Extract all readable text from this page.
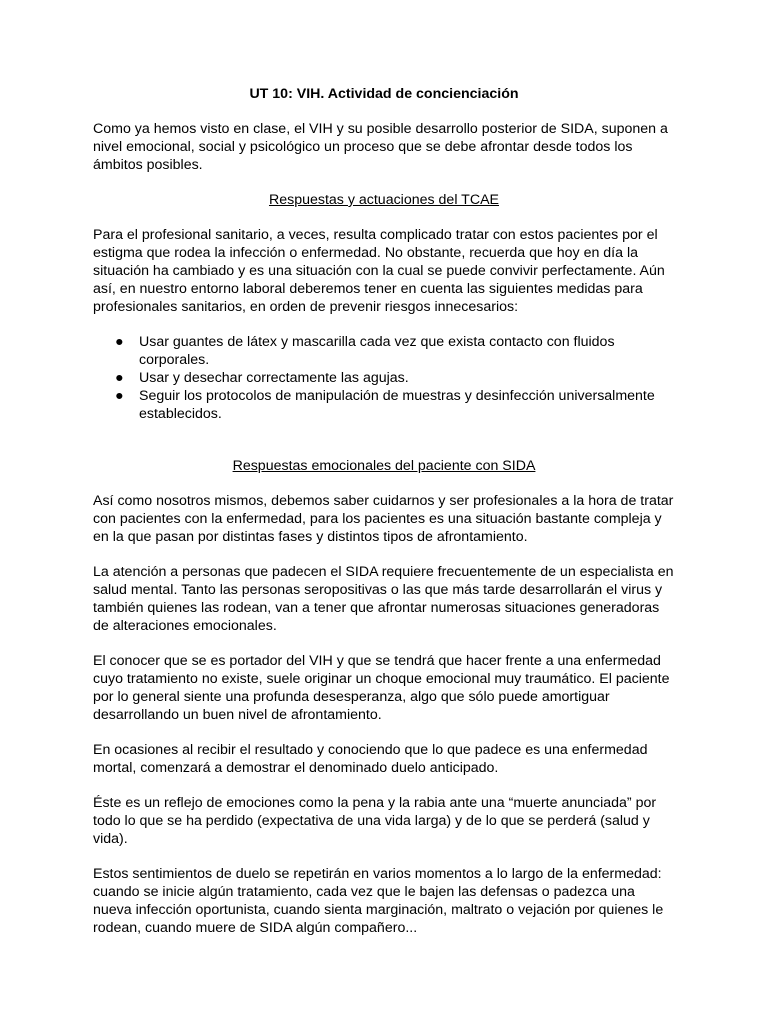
UT 10: VIH. Actividad de concienciación

Como ya hemos visto en clase, el VIH y su posible desarrollo posterior de SIDA, suponen a nivel emocional, social y psicológico un proceso que se debe afrontar desde todos los ámbitos posibles.

Respuestas y actuaciones del TCAE

Para el profesional sanitario, a veces, resulta complicado tratar con estos pacientes por el estigma que rodea la infección o enfermedad. No obstante, recuerda que hoy en día la situación ha cambiado y es una situación con la cual se puede convivir perfectamente. Aún así, en nuestro entorno laboral deberemos tener en cuenta las siguientes medidas para profesionales sanitarios, en orden de prevenir riesgos innecesarios:

● Usar guantes de látex y mascarilla cada vez que exista contacto con fluidos corporales.
● Usar y desechar correctamente las agujas.
● Seguir los protocolos de manipulación de muestras y desinfección universalmente establecidos.
Respuestas emocionales del paciente con SIDA

Así como nosotros mismos, debemos saber cuidarnos y ser profesionales a la hora de tratar con pacientes con la enfermedad, para los pacientes es una situación bastante compleja y en la que pasan por distintas fases y distintos tipos de afrontamiento.

La atención a personas que padecen el SIDA requiere frecuentemente de un especialista en salud mental. Tanto las personas seropositivas o las que más tarde desarrollarán el virus y también quienes las rodean, van a tener que afrontar numerosas situaciones generadoras de alteraciones emocionales.

El conocer que se es portador del VIH y que se tendrá que hacer frente a una enfermedad cuyo tratamiento no existe, suele originar un choque emocional muy traumático. El paciente por lo general siente una profunda desesperanza, algo que sólo puede amortiguar desarrollando un buen nivel de afrontamiento.

En ocasiones al recibir el resultado y conociendo que lo que padece es una enfermedad mortal, comenzará a demostrar el denominado duelo anticipado.

Éste es un reflejo de emociones como la pena y la rabia ante una “muerte anunciada” por todo lo que se ha perdido (expectativa de una vida larga) y de lo que se perderá (salud y vida).

Estos sentimientos de duelo se repetirán en varios momentos a lo largo de la enfermedad: cuando se inicie algún tratamiento, cada vez que le bajen las defensas o padezca una nueva infección oportunista, cuando sienta marginación, maltrato o vejación por quienes le rodean, cuando muere de SIDA algún compañero...
